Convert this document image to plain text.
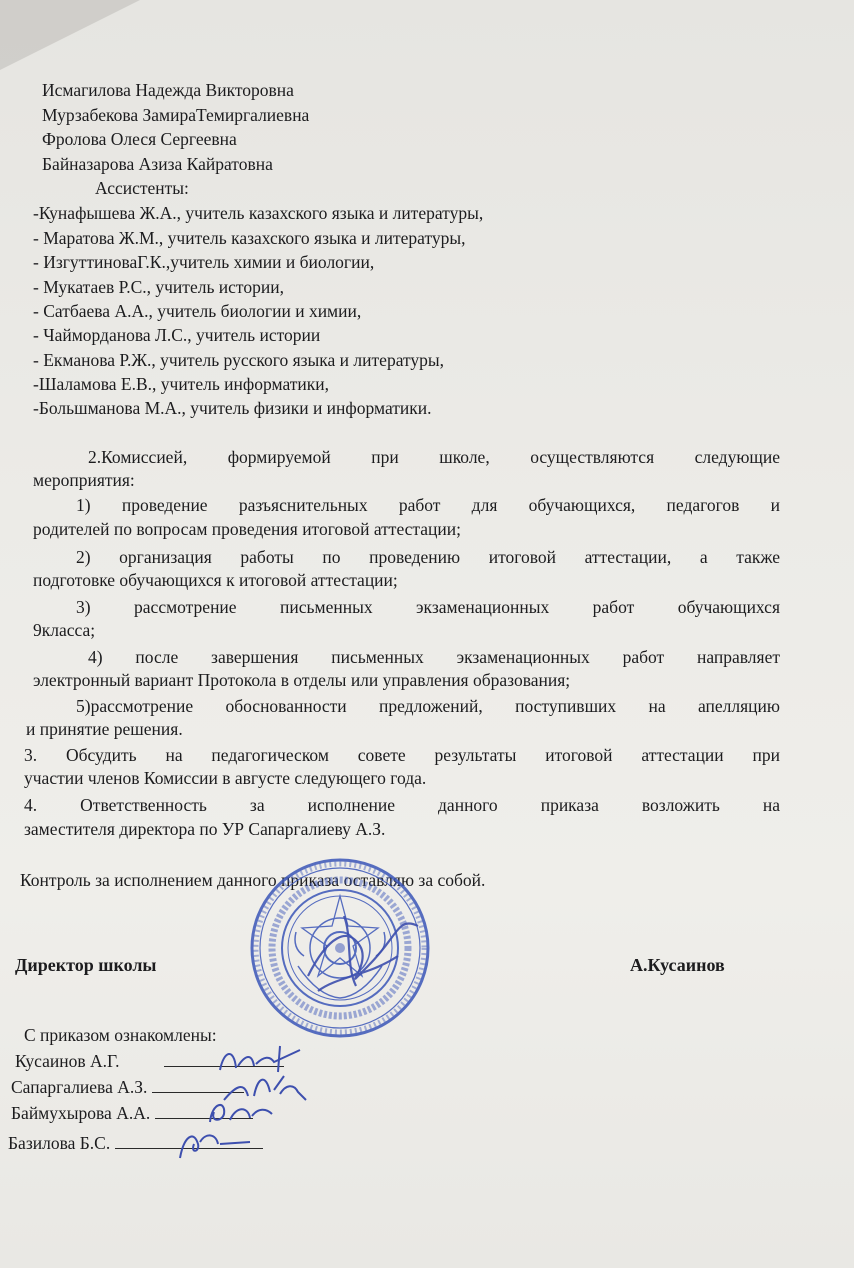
Исмагилова Надежда Викторовна
Мурзабекова ЗамираТемиргалиевна
Фролова Олеся Сергеевна
Байназарова Азиза Кайратовна
Ассистенты:
-Кунафышева Ж.А., учитель казахского языка и литературы,
- Маратова Ж.М., учитель казахского языка и литературы,
- ИзгуттиноваГ.К.,учитель химии и биологии,
- Мукатаев Р.С., учитель истории,
- Сатбаева А.А., учитель биологии и химии,
- Чайморданова Л.С., учитель истории
- Екманова Р.Ж., учитель русского языка и литературы,
-Шаламова Е.В., учитель информатики,
-Большманова М.А., учитель физики и информатики.
2.Комиссией, формируемой при школе, осуществляются следующие
мероприятия:
1) проведение разъяснительных работ для обучающихся, педагогов и
родителей по вопросам проведения итоговой аттестации;
2) организация работы по проведению итоговой аттестации, а также
подготовке обучающихся к итоговой аттестации;
3) рассмотрение письменных экзаменационных работ обучающихся
9класса;
4) после завершения письменных экзаменационных работ направляет
электронный вариант Протокола в отделы или управления образования;
5)рассмотрение обоснованности предложений, поступивших на апелляцию
и принятие решения.
3. Обсудить на педагогическом совете результаты итоговой аттестации при
участии членов Комиссии в августе следующего года.
4. Ответственность за исполнение данного приказа возложить на
заместителя директора по УР Сапаргалиеву А.З.
Контроль за исполнением данного приказа оставляю за собой.
Директор школы	А.Кусаинов
С приказом ознакомлены:
Кусаинов А.Г.
Сапаргалиева А.З.
Баймухырова А.А.
Базилова Б.С.
